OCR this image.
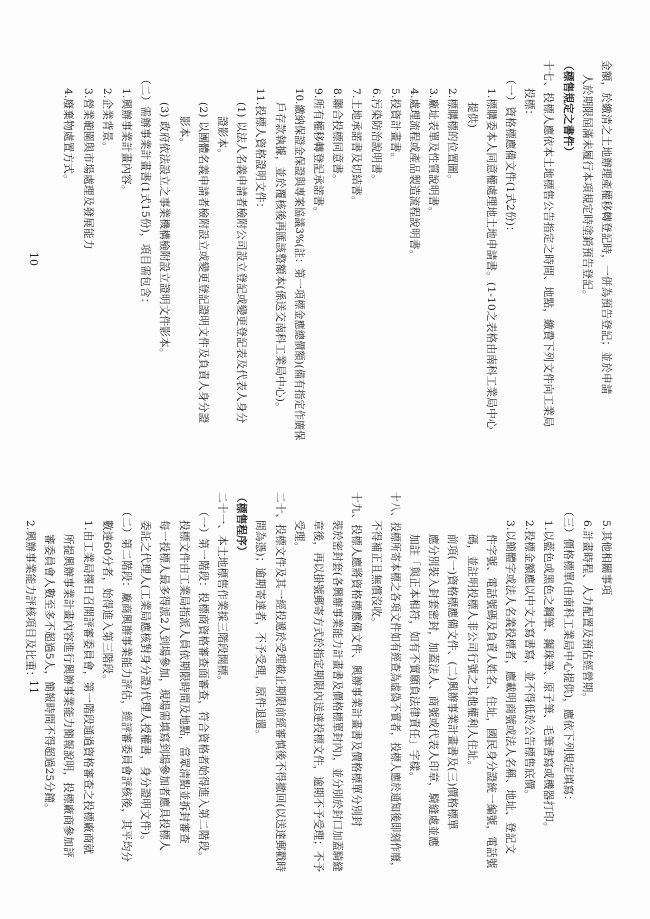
金額，於繳清之土地辦理產權移轉登記時，一併為預告登記；並於申請
人於期限屆滿未履行本項規定時塗銷預告登記。
（標售規定之書件）
十七、投標人應依本土地標售公告指定之時間、地點，繳費下列文件向工業局
投標：
（一）資格標應備文件(1式2份)：
1.標購委本人同意權處理地土地申請書。(1-10之表格由南科工業局中心
提供)
2.標購標的位置圖。
3.廠址表單及性質說明書。
4.處理流程或產品製造流程說明書。
5.投資計畫書。
6.污染防治說明書。
7.土地承諾書及切結書。
8.聯合投標同意書。
9.所有權移轉登記承諾書。
10.繳納保證金保證與專案協議3%(註：第一項標金應總價額)(備有指定作廣保
戶存款執據，並於覆核後再匯該整額本(係送交南科工業局中心)。
11.投標人資格證明文件：
(1) 以法人名義申請者檢附公司設立登記或變更登記表及代表人身分
證影本。
(2) 以團體名義申請者檢附設立或變更登記證明文件及負責人身分證
影本。
(3) 政府依法設立之事業機構檢附設立證明文件影本。
（二）需辦事業計畫書(1式15份)，項目需包含：
1.興辦事業計畫內容。
2.企業背景。
3.營業範圍與市場處理及發展能力
4.廢棄物處置方式。
5.其他相關事項
6.計畫時程、人力配置及預估經營期。
（三）價格標單(由南科工業局中心提供)，應依下列規定填寫：
1.以藍色或黑色之鋼筆、鋼珠筆、原子筆、毛筆書寫或機器打印。
2.投標金額應以中文大寫書寫，並不得低於公告標售底價。
3.以簡體字或法人名義投標者，應載明商號或法人名稱、地址、登記文
件字號、電話號碼及負責人姓名、住址，國民身分證統一編號，電話號
碼，並註明投標人非公司行號之其他權利人住址。
前項(一)資格標應備文件、(二)興辦事業計畫書及(三)價格標單
應分別裝入封套密封，加蓋法人、商號或代表人印章，騎縫處並應
加註「與正本相符，如有不實願負法律責任」字樣。
十八、投標所寄本標之各項文件如有經查為虛偽不實者，投標人應於通知後即刻作廢，
不得補正且無償沒收。
十九、投標人應將資格標應備文件、興辦事業計畫書及價格標單分別封
裝於密封套(各興辦事業能力計畫書及價格標單封內)，並分別於封口加蓋騎縫
章後，再以掛號郵寄方式於指定期限內送達投標文件，逾期不予受理；不予
受理。
二十、投標文件及其一經投遞於受理截止期限前經審慎後不得撤回(以送達郵戳時
間為憑)；逾期寄達者，不予受理，原件退還。
（標售程序）
二十一、本土地標售作業採三階段開標。
（一）第一階段：投標商資格審查面審查，符合資格者始得進入第二階段。
投標文件由工業局指派人員依期限時間及地點，當眾清點並拆封審查
每一投標人最多得派2人到場參加，現場需填寫到場參加者應具投標人
委託之代理人(工業局應核對身分證)代理人授權書，身分證明文件)。
（二）第二階段：廠商興辦事業能力評估，經評審委員會評核後，其平均分
數達60分者，始得進入第三階段。
1.由工業局擇日召開評審委員會，第一階段通過資格審查之投標廠商就
所提興辦事業計畫內容進行興辦事業能力簡報說明，投標廠商參加評
審委員會人數至多不超過5人，簡報時間不得超過25分鐘。
2.興辦事業能力評核項目及比重：
10
11
